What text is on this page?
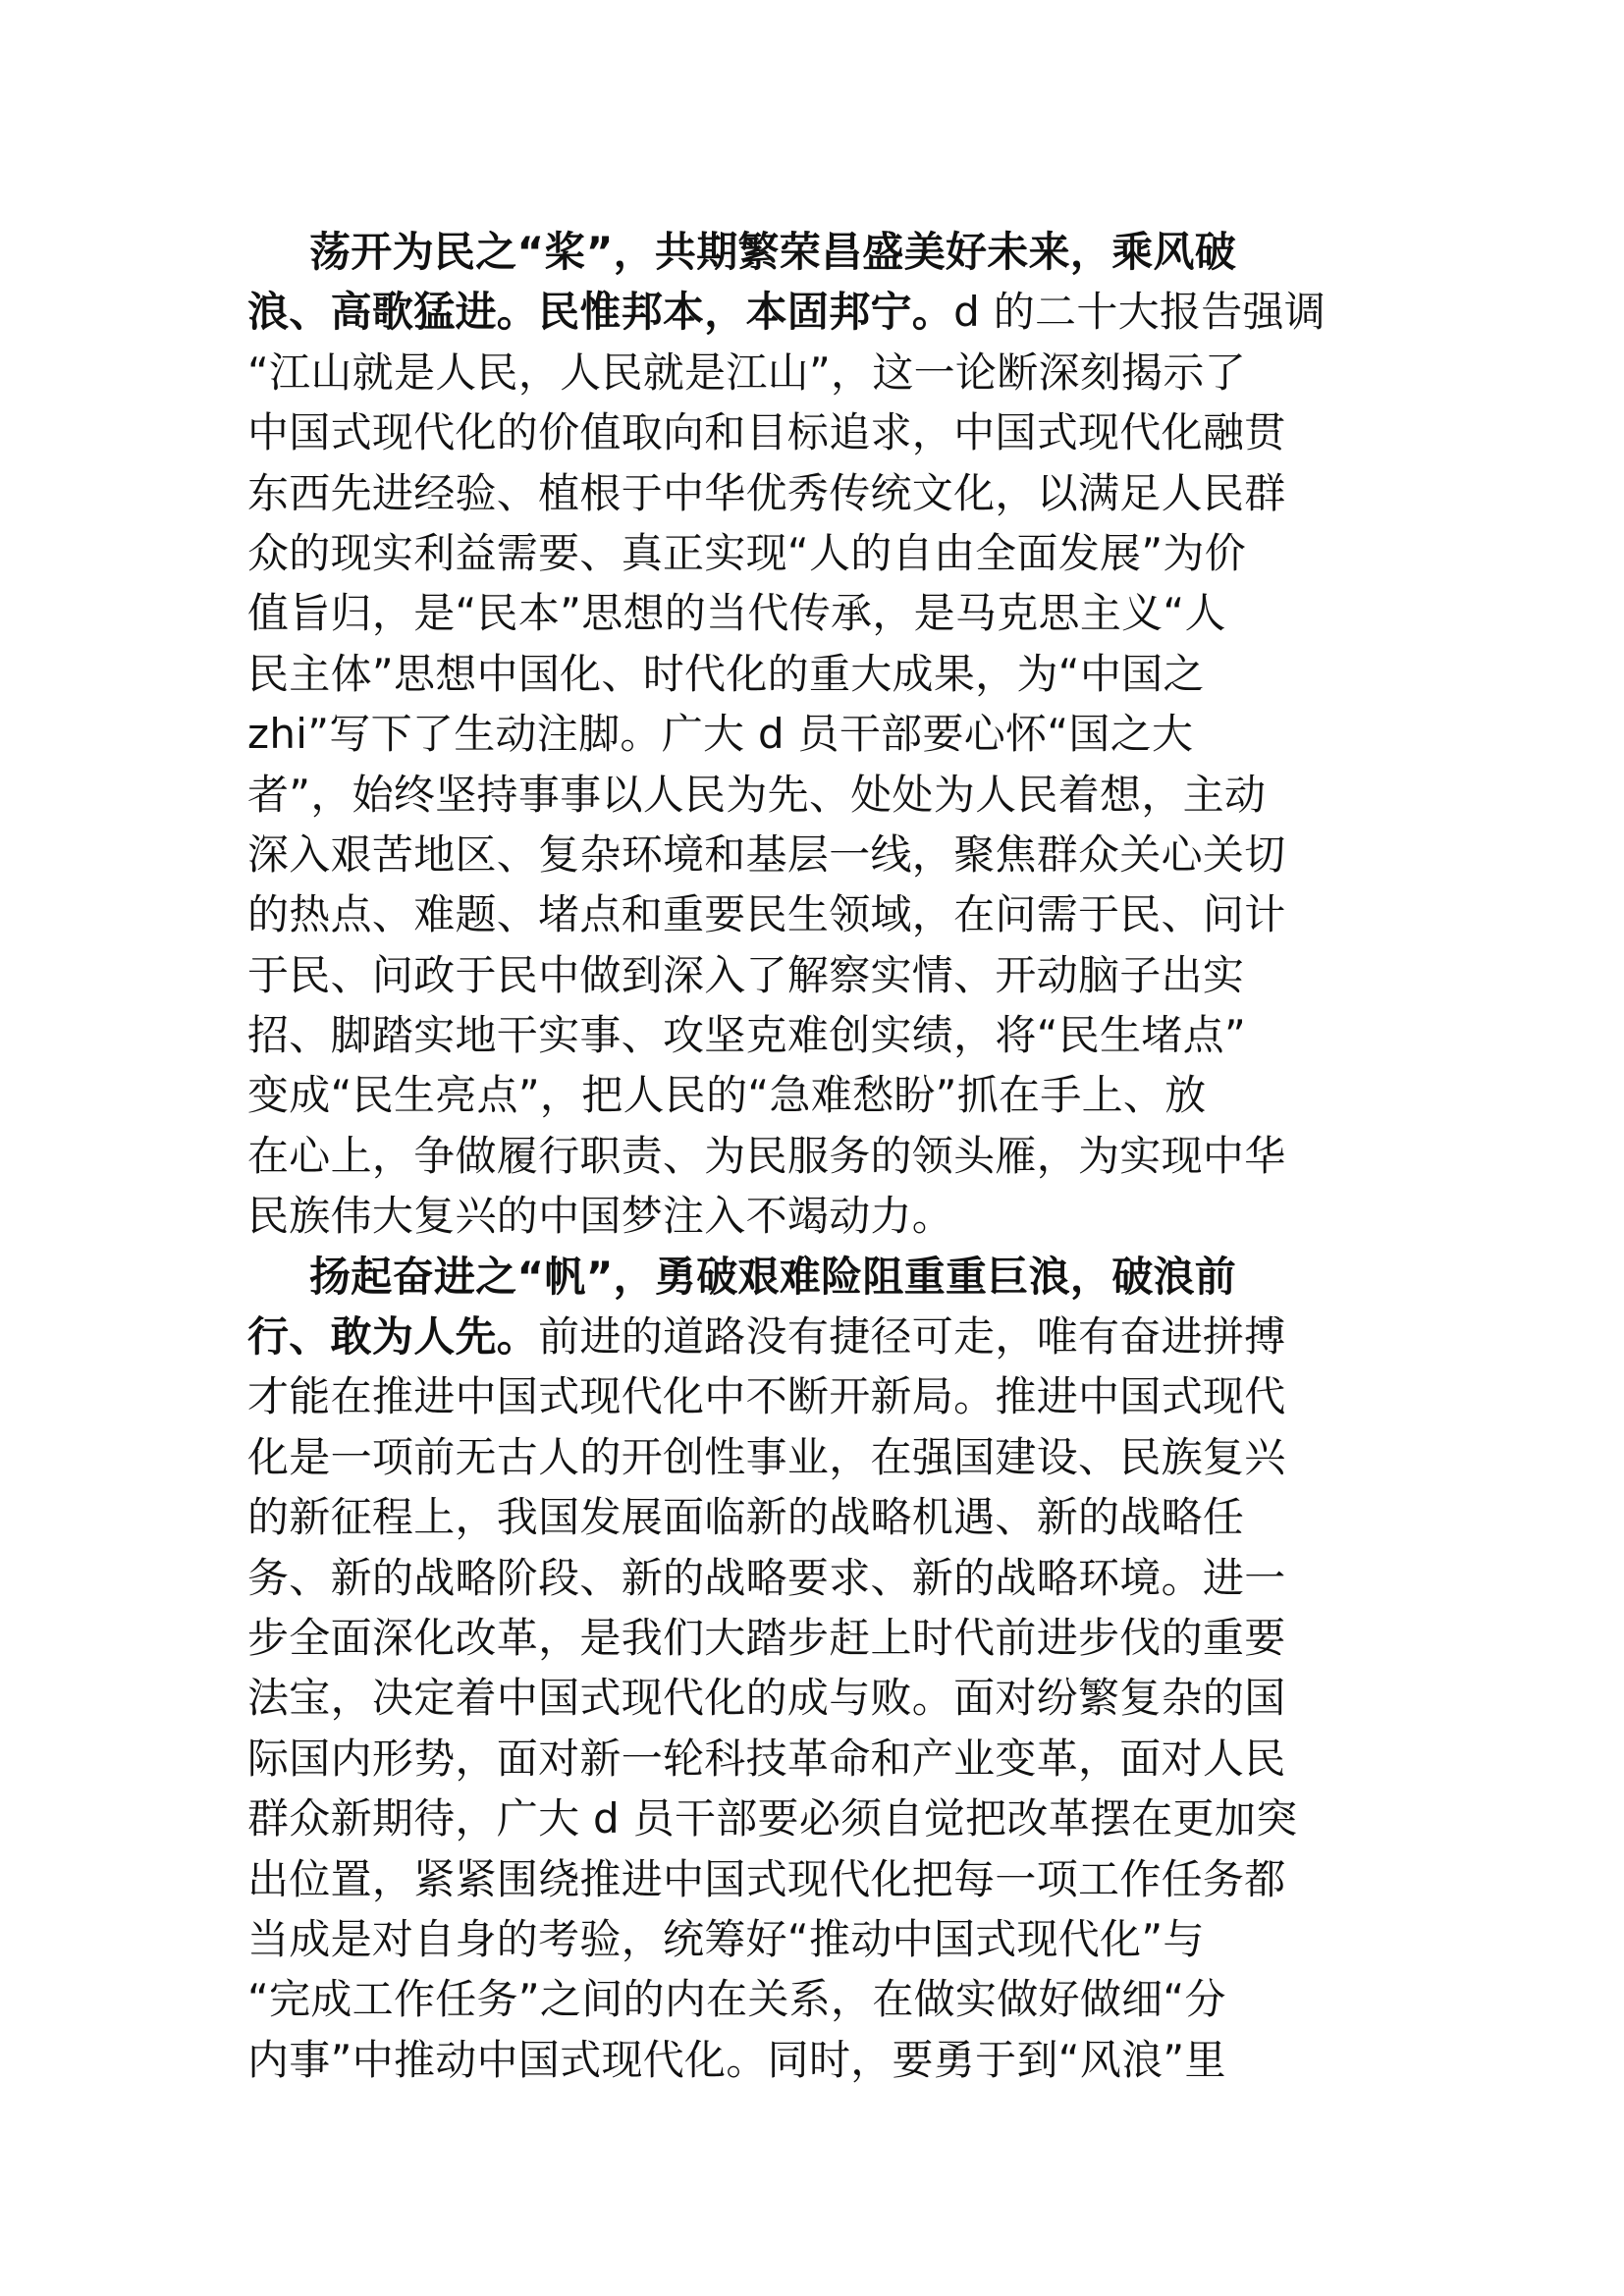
荡开为民之“桨”，共期繁荣昌盛美好未来，乘风破
浪、高歌猛进。民惟邦本，本固邦宁。d 的二十大报告强调
“江山就是人民，人民就是江山”，这一论断深刻揭示了
中国式现代化的价值取向和目标追求，中国式现代化融贯
东西先进经验、植根于中华优秀传统文化，以满足人民群
众的现实利益需要、真正实现“人的自由全面发展”为价
值旨归，是“民本”思想的当代传承，是马克思主义“人
民主体”思想中国化、时代化的重大成果，为“中国之
zhi”写下了生动注脚。广大 d 员干部要心怀“国之大
者”，始终坚持事事以人民为先、处处为人民着想，主动
深入艰苦地区、复杂环境和基层一线，聚焦群众关心关切
的热点、难题、堵点和重要民生领域，在问需于民、问计
于民、问政于民中做到深入了解察实情、开动脑子出实
招、脚踏实地干实事、攻坚克难创实绩，将“民生堵点”
变成“民生亮点”，把人民的“急难愁盼”抓在手上、放
在心上，争做履行职责、为民服务的领头雁，为实现中华
民族伟大复兴的中国梦注入不竭动力。
扬起奋进之“帆”，勇破艰难险阻重重巨浪，破浪前
行、敢为人先。前进的道路没有捷径可走，唯有奋进拼搏
才能在推进中国式现代化中不断开新局。推进中国式现代
化是一项前无古人的开创性事业，在强国建设、民族复兴
的新征程上，我国发展面临新的战略机遇、新的战略任
务、新的战略阶段、新的战略要求、新的战略环境。进一
步全面深化改革，是我们大踏步赶上时代前进步伐的重要
法宝，决定着中国式现代化的成与败。面对纷繁复杂的国
际国内形势，面对新一轮科技革命和产业变革，面对人民
群众新期待，广大 d 员干部要必须自觉把改革摆在更加突
出位置，紧紧围绕推进中国式现代化把每一项工作任务都
当成是对自身的考验，统筹好“推动中国式现代化”与
“完成工作任务”之间的内在关系，在做实做好做细“分
内事”中推动中国式现代化。同时，要勇于到“风浪”里
